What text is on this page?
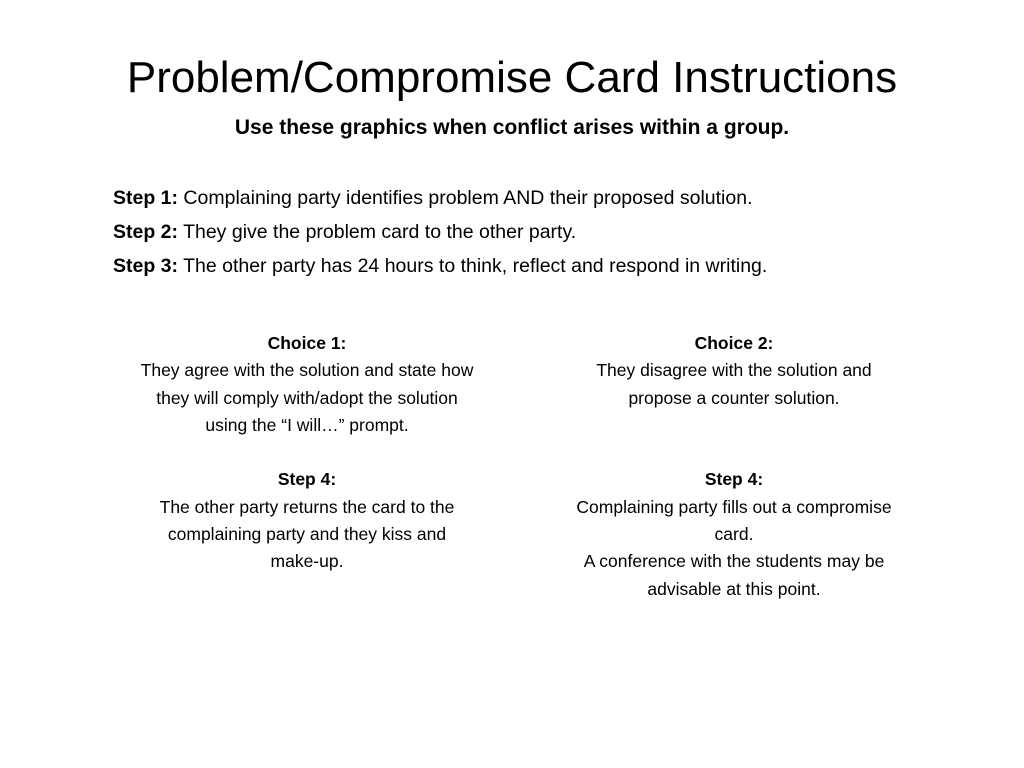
Problem/Compromise Card Instructions

Use these graphics when conflict arises within a group.

Step 1: Complaining party identifies problem AND their proposed solution.
Step 2: They give the problem card to the other party.
Step 3: The other party has 24 hours to think, reflect and respond in writing.
Choice 1:
They agree with the solution and state how
they will comply with/adopt the solution
using the “I will…” prompt.
Step 4:
The other party returns the card to the
complaining party and they kiss and
make-up.
Choice 2:
They disagree with the solution and
propose a counter solution.

Step 4:
Complaining party fills out a compromise
card.
A conference with the students may be
advisable at this point.
